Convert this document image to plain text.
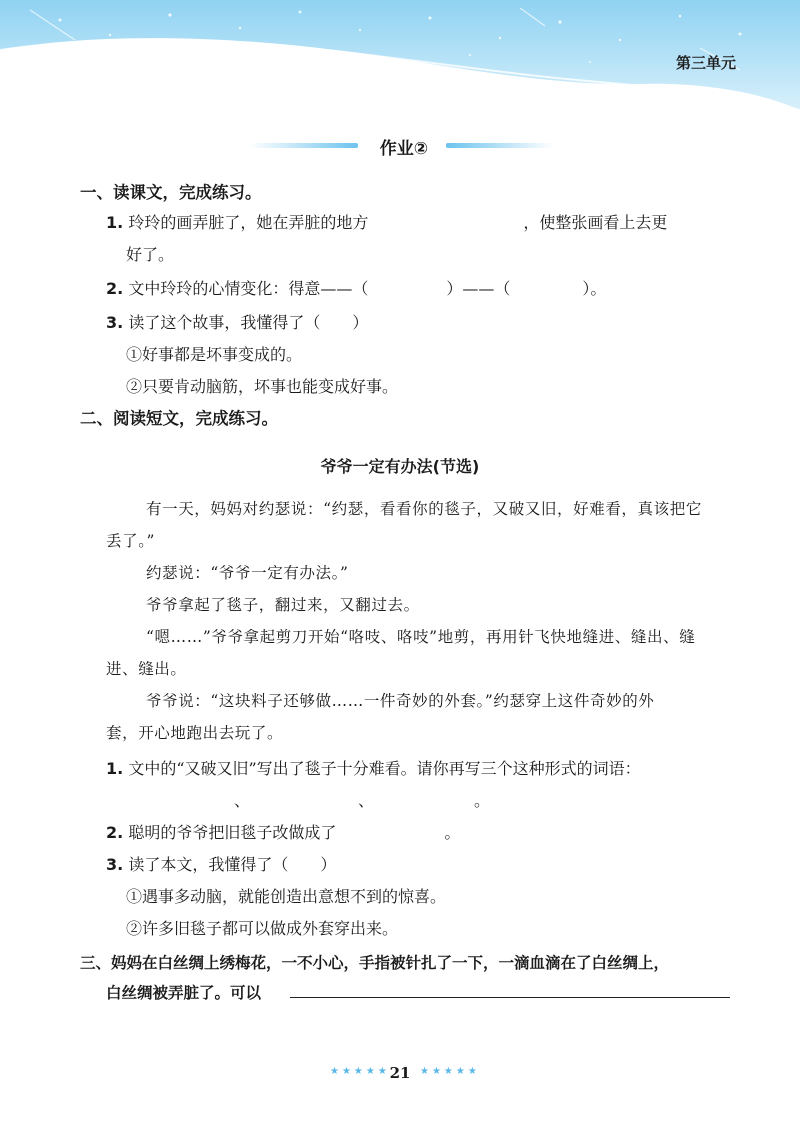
第三单元
作业②
一、读课文，完成练习。
1. 玲玲的画弄脏了，她在弄脏的地方	，使整张画看上去更
好了。
2. 文中玲玲的心情变化：得意——（	）——（	）。
3. 读了这个故事，我懂得了（　　）
①好事都是坏事变成的。
②只要肯动脑筋，坏事也能变成好事。
二、阅读短文，完成练习。
爷爷一定有办法(节选)
有一天，妈妈对约瑟说：“约瑟，看看你的毯子，又破又旧，好难看，真该把它
丢了。”
约瑟说：“爷爷一定有办法。”
爷爷拿起了毯子，翻过来，又翻过去。
“嗯……”爷爷拿起剪刀开始“咯吱、咯吱”地剪，再用针飞快地缝进、缝出、缝
进、缝出。
爷爷说：“这块料子还够做……一件奇妙的外套。”约瑟穿上这件奇妙的外
套，开心地跑出去玩了。
1. 文中的“又破又旧”写出了毯子十分难看。请你再写三个这种形式的词语：
、	、	。
2. 聪明的爷爷把旧毯子改做成了	。
3. 读了本文，我懂得了（　　）
①遇事多动脑，就能创造出意想不到的惊喜。
②许多旧毯子都可以做成外套穿出来。
三、妈妈在白丝绸上绣梅花，一不小心，手指被针扎了一下，一滴血滴在了白丝绸上，
白丝绸被弄脏了。可以
★★★★★ 21 ★★★★★
